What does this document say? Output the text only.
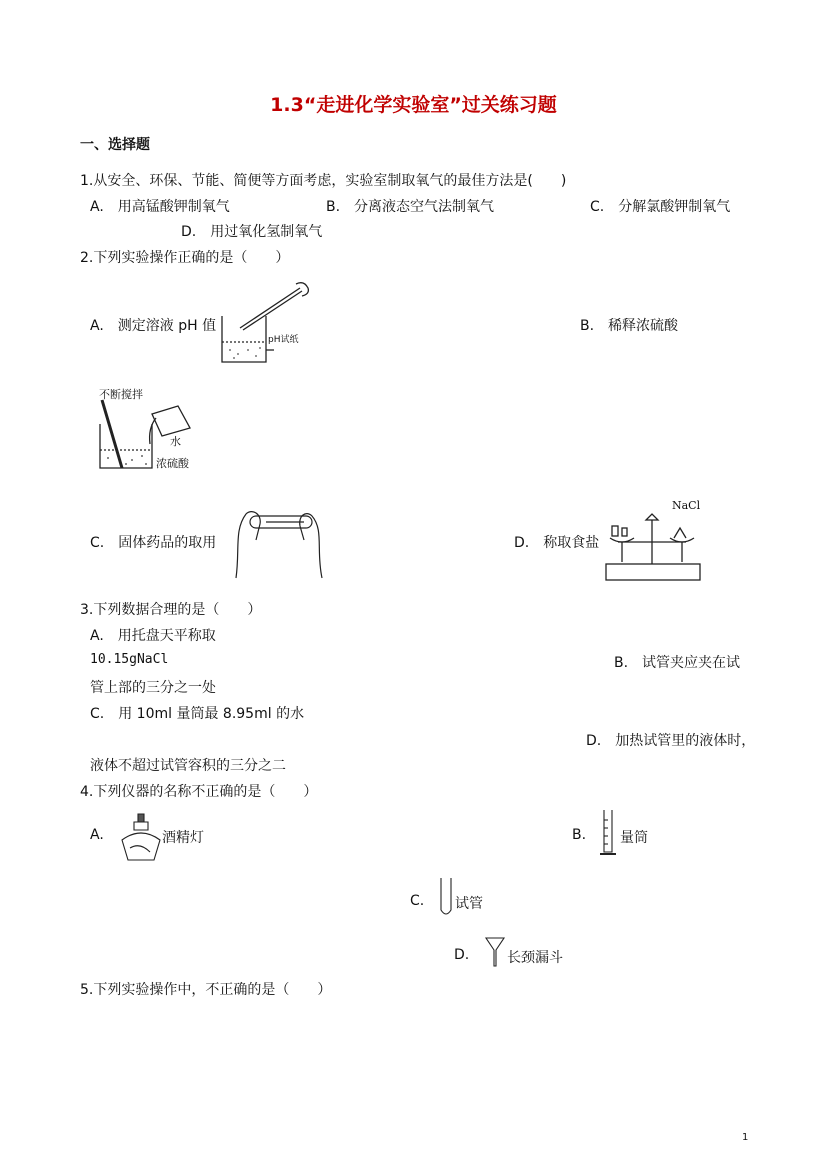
1.3“走进化学实验室”过关练习题
一、选择题
1.从安全、环保、节能、简便等方面考虑，实验室制取氧气的最佳方法是(　　)
A.　用高锰酸钾制氧气	B.　分离液态空气法制氧气	C.　分解氯酸钾制氧气
D.　用过氧化氢制氧气
2.下列实验操作正确的是（　　）
A.　测定溶液 pH 值
pH试纸
B.　稀释浓硫酸
不断搅拌
水
浓硫酸
C.　固体药品的取用	D.　称取食盐
NaCl
3.下列数据合理的是（　　）
A.　用托盘天平称取
10.15gNaCl	B.　试管夹应夹在试
管上部的三分之一处
C.　用 10ml 量筒最 8.95ml 的水
D.　加热试管里的液体时，
液体不超过试管容积的三分之二
4.下列仪器的名称不正确的是（　　）
A.	酒精灯	B. 量筒
C. 试管
D.	长颈漏斗
5.下列实验操作中，不正确的是（　　）
1
